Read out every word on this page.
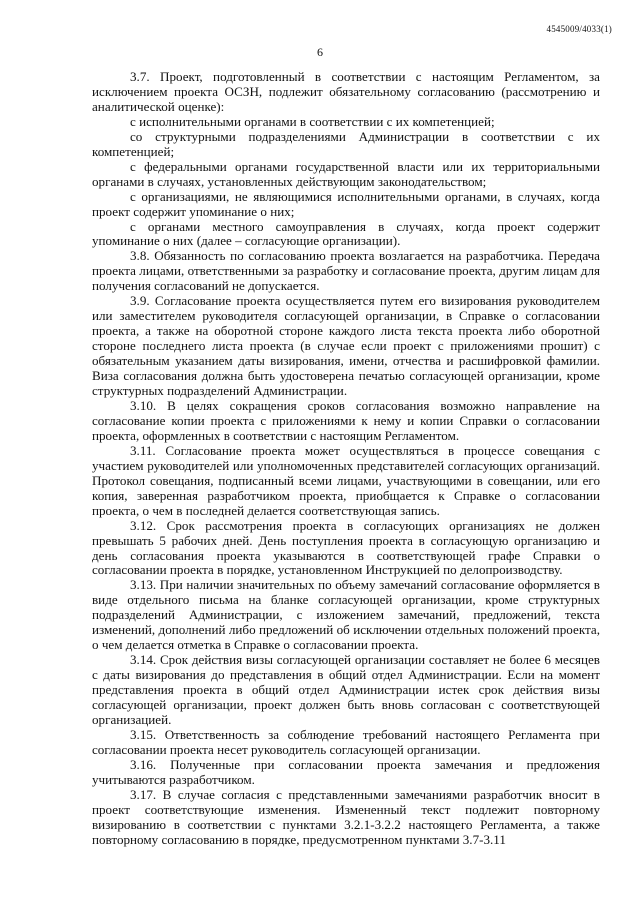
4545009/4033(1)
6

3.7. Проект, подготовленный в соответствии с настоящим Регламентом, за исключением проекта ОСЗН, подлежит обязательному согласованию (рассмотрению и аналитической оценке):

с исполнительными органами в соответствии с их компетенцией;

со структурными подразделениями Администрации в соответствии с их компетенцией;

с федеральными органами государственной власти или их территориальными органами в случаях, установленных действующим законодательством;

с организациями, не являющимися исполнительными органами, в случаях, когда проект содержит упоминание о них;

с органами местного самоуправления в случаях, когда проект содержит упоминание о них (далее – согласующие организации).

3.8. Обязанность по согласованию проекта возлагается на разработчика. Передача проекта лицами, ответственными за разработку и согласование проекта, другим лицам для получения согласований не допускается.

3.9. Согласование проекта осуществляется путем его визирования руководителем или заместителем руководителя согласующей организации, в Справке о согласовании проекта, а также на оборотной стороне каждого листа текста проекта либо оборотной стороне последнего листа проекта (в случае если проект с приложениями прошит) с обязательным указанием даты визирования, имени, отчества и расшифровкой фамилии. Виза согласования должна быть удостоверена печатью согласующей организации, кроме структурных подразделений Администрации.

3.10. В целях сокращения сроков согласования возможно направление на согласование копии проекта с приложениями к нему и копии Справки о согласовании проекта, оформленных в соответствии с настоящим Регламентом.

3.11. Согласование проекта может осуществляться в процессе совещания с участием руководителей или уполномоченных представителей согласующих организаций. Протокол совещания, подписанный всеми лицами, участвующими в совещании, или его копия, заверенная разработчиком проекта, приобщается к Справке о согласовании проекта, о чем в последней делается соответствующая запись.

3.12. Срок рассмотрения проекта в согласующих организациях не должен превышать 5 рабочих дней. День поступления проекта в согласующую организацию и день согласования проекта указываются в соответствующей графе Справки о согласовании проекта в порядке, установленном Инструкцией по делопроизводству.

3.13. При наличии значительных по объему замечаний согласование оформляется в виде отдельного письма на бланке согласующей организации, кроме структурных подразделений Администрации, с изложением замечаний, предложений, текста изменений, дополнений либо предложений об исключении отдельных положений проекта, о чем делается отметка в Справке о согласовании проекта.

3.14. Срок действия визы согласующей организации составляет не более 6 месяцев с даты визирования до представления в общий отдел Администрации. Если на момент представления проекта в общий отдел Администрации истек срок действия визы согласующей организации, проект должен быть вновь согласован с соответствующей организацией.

3.15. Ответственность за соблюдение требований настоящего Регламента при согласовании проекта несет руководитель согласующей организации.

3.16. Полученные при согласовании проекта замечания и предложения учитываются разработчиком.

3.17. В случае согласия с представленными замечаниями разработчик вносит в проект соответствующие изменения. Измененный текст подлежит повторному визированию в соответствии с пунктами 3.2.1-3.2.2 настоящего Регламента, а также повторному согласованию в порядке, предусмотренном пунктами 3.7-3.11
